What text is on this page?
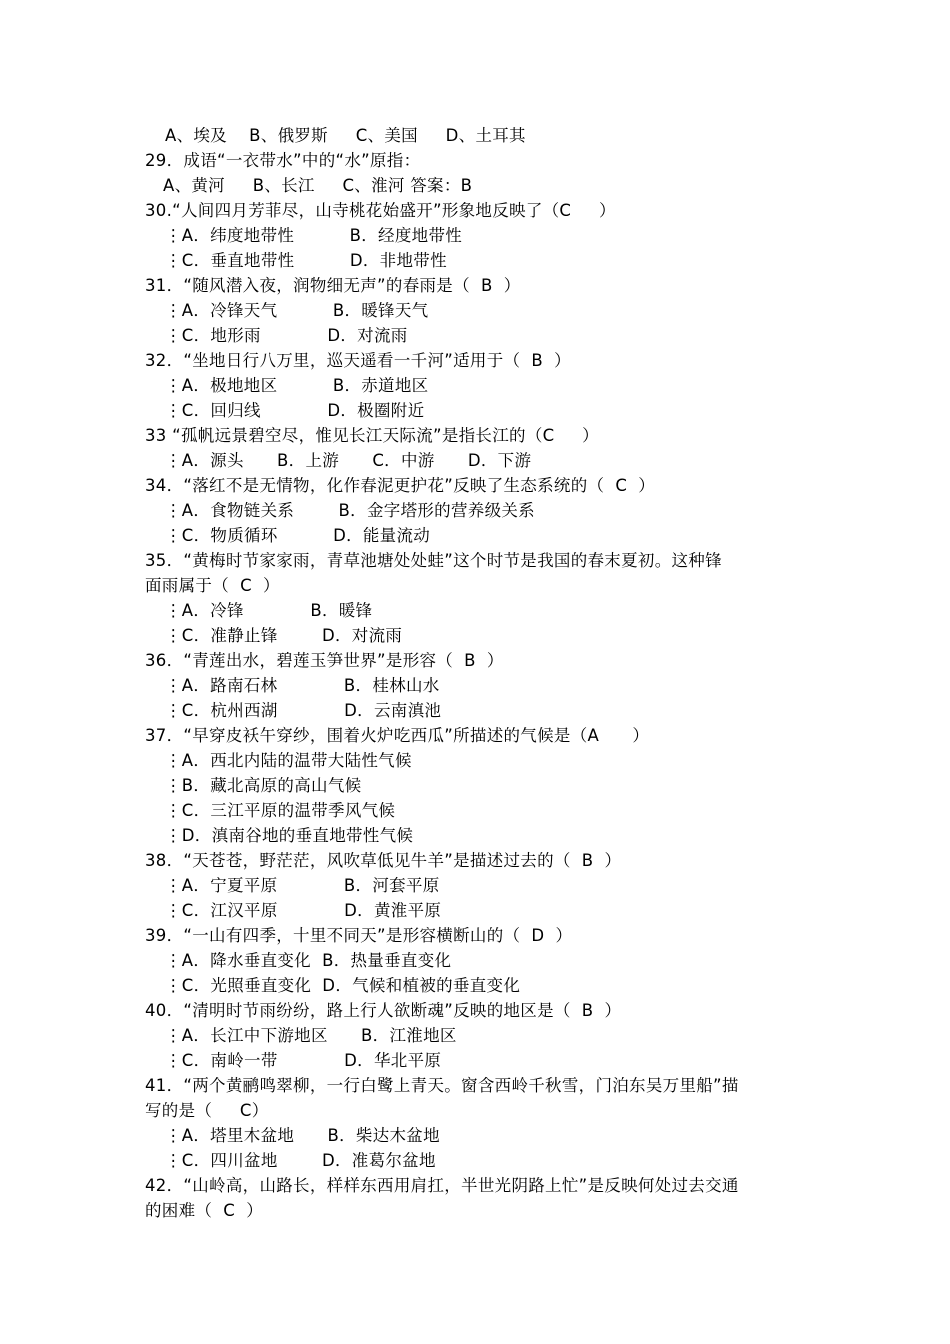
A、埃及    B、俄罗斯     C、美国     D、土耳其
29．成语“一衣带水”中的“水”原指：
A、黄河     B、长江     C、淮河 答案：B
30.“人间四月芳菲尽，山寺桃花始盛开”形象地反映了（C     ）
⋮A．纬度地带性          B．经度地带性
⋮C．垂直地带性          D．非地带性
31．“随风潜入夜，润物细无声”的春雨是（  B  ）
⋮A．冷锋天气          B．暖锋天气
⋮C．地形雨            D．对流雨
32．“坐地日行八万里，巡天遥看一千河”适用于（  B  ）
⋮A．极地地区          B．赤道地区
⋮C．回归线            D．极圈附近
33 “孤帆远景碧空尽，惟见长江天际流”是指长江的（C     ）
⋮A．源头      B．上游      C．中游      D．下游
34．“落红不是无情物，化作春泥更护花”反映了生态系统的（  C  ）
⋮A．食物链关系        B．金字塔形的营养级关系
⋮C．物质循环          D．能量流动
35．“黄梅时节家家雨，青草池塘处处蛙”这个时节是我国的春末夏初。这种锋
面雨属于（  C  ）
⋮A．冷锋            B．暖锋
⋮C．准静止锋        D．对流雨
36．“青莲出水，碧莲玉笋世界”是形容（  B  ）
⋮A．路南石林            B．桂林山水
⋮C．杭州西湖            D．云南滇池
37．“早穿皮袄午穿纱，围着火炉吃西瓜”所描述的气候是（A      ）
⋮A．西北内陆的温带大陆性气候
⋮B．藏北高原的高山气候
⋮C．三江平原的温带季风气候
⋮D．滇南谷地的垂直地带性气候
38．“天苍苍，野茫茫，风吹草低见牛羊”是描述过去的（  B  ）
⋮A．宁夏平原            B．河套平原
⋮C．江汉平原            D．黄淮平原
39．“一山有四季，十里不同天”是形容横断山的（  D  ）
⋮A．降水垂直变化  B．热量垂直变化
⋮C．光照垂直变化  D．气候和植被的垂直变化
40．“清明时节雨纷纷，路上行人欲断魂”反映的地区是（  B  ）
⋮A．长江中下游地区      B．江淮地区
⋮C．南岭一带            D．华北平原
41．“两个黄鹂鸣翠柳，一行白鹭上青天。窗含西岭千秋雪，门泊东吴万里船”描
写的是（     C）
⋮A．塔里木盆地      B．柴达木盆地
⋮C．四川盆地        D．准葛尔盆地
42．“山岭高，山路长，样样东西用肩扛，半世光阴路上忙”是反映何处过去交通
的困难（  C  ）
